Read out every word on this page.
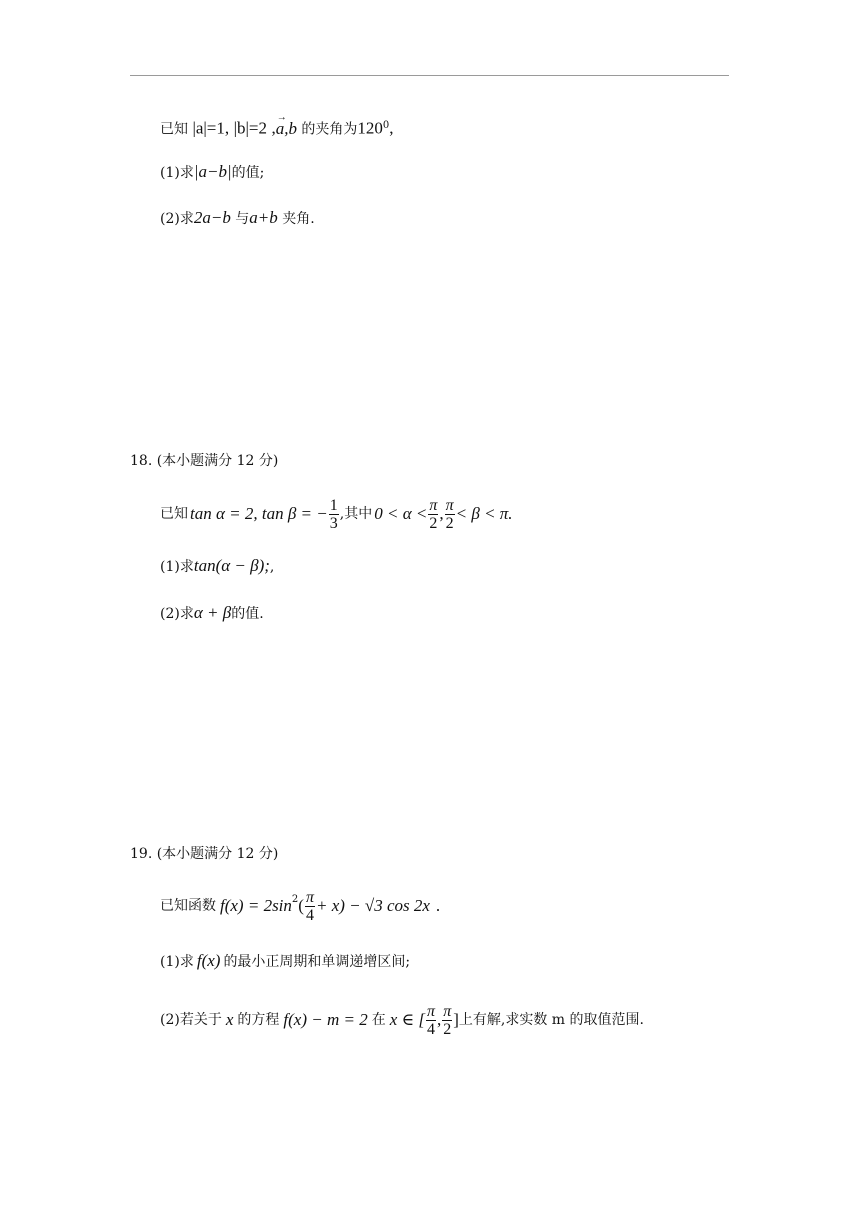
已知 |a|=1, |b|=2 ,→ a,b 的夹角为$120^0$,
(1)求|a−b|的值;
(2)求2a−b 与a+b 夹角.
18. (本小题满分 12 分)
已知 tan α = 2, tan β = − $\frac{1}{3}$ ,其中 $0 < \alpha < \frac{\pi}{2}$ , $\frac{\pi}{2} < \beta < \pi$.
(1)求tan(α − β);,
(2)求α + β的值.
19. (本小题满分 12 分)
已知函数 $f(x) = 2\sin^2$ ( $\frac{\pi}{4} + x) - √3$ cos 2x .
(1)求 f(x) 的最小正周期和单调递增区间;
(2)若关于 x 的方程 f(x) − m = 2 在 x ∈ [ $\frac{\pi}{4}$ , $\frac{\pi}{2}$ ] 上有解,求实数 m 的取值范围.
